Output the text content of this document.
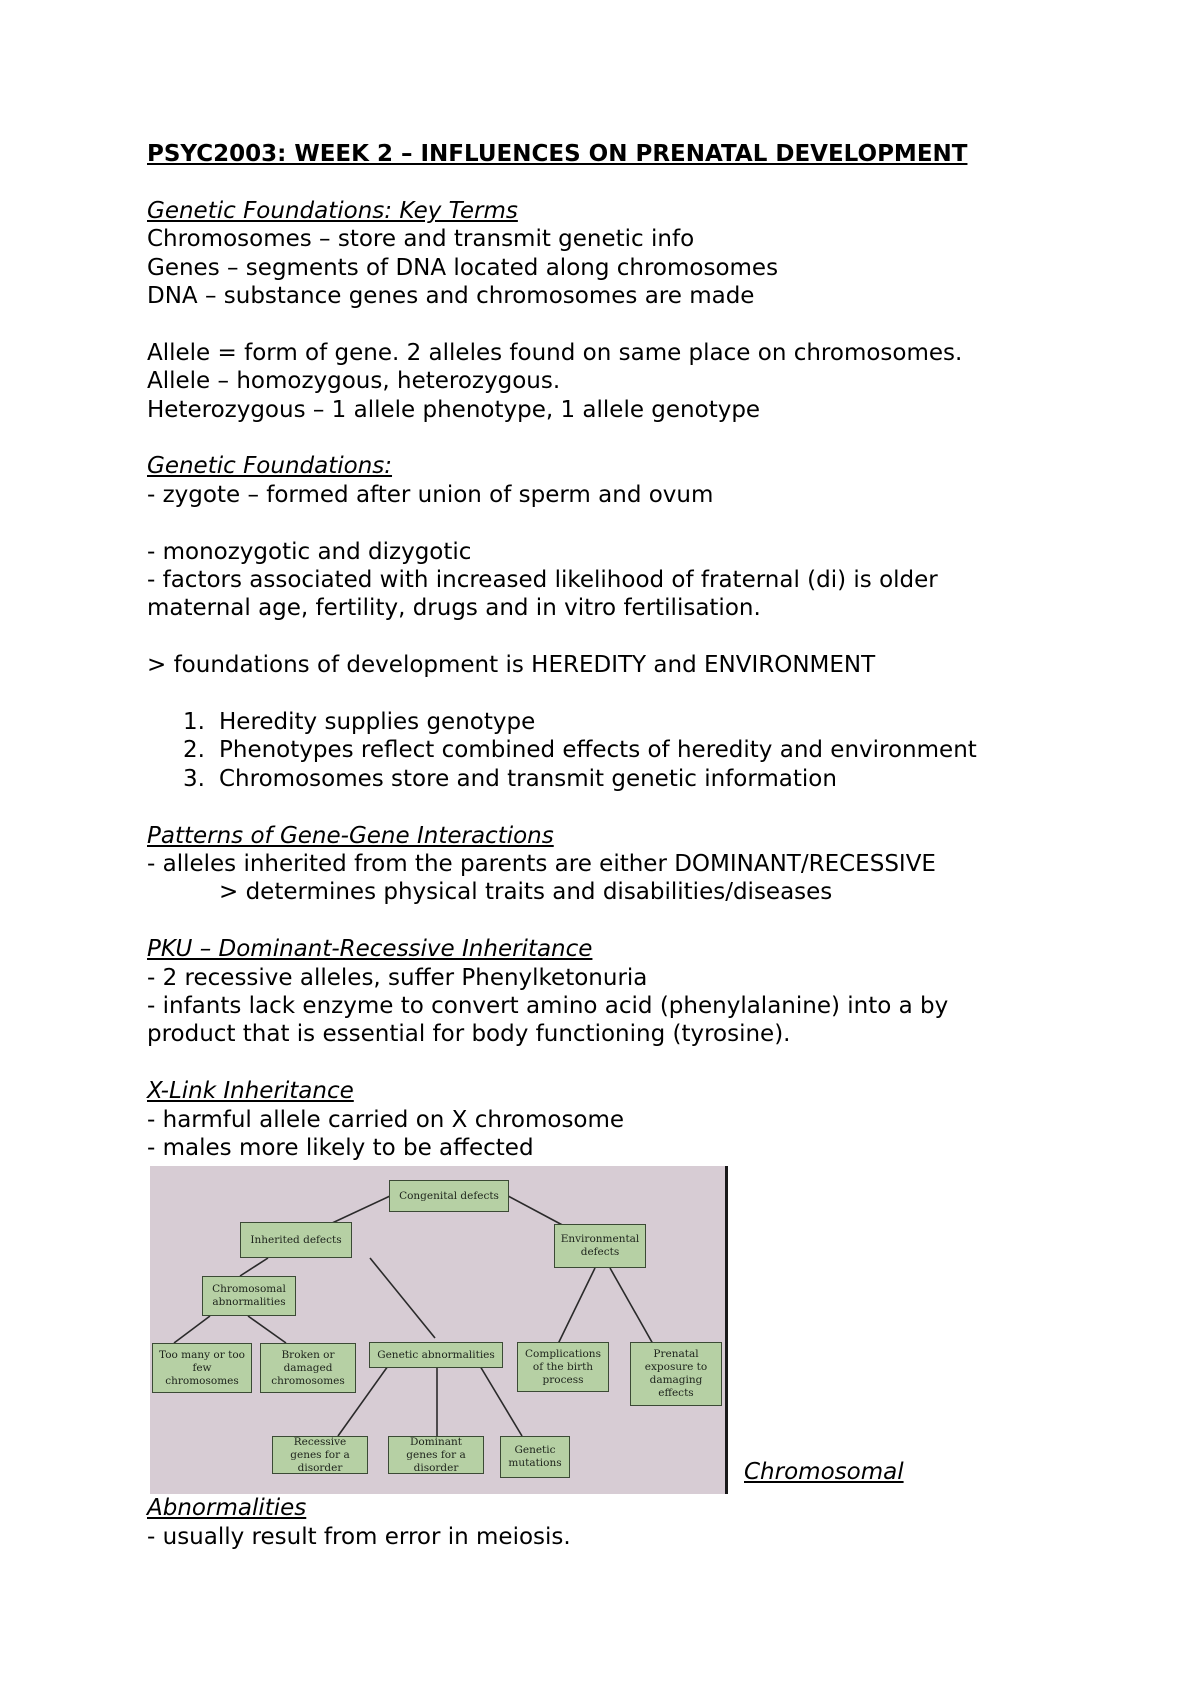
PSYC2003: WEEK 2 – INFLUENCES ON PRENATAL DEVELOPMENT

Genetic Foundations: Key Terms

Chromosomes – store and transmit genetic info

Genes – segments of DNA located along chromosomes

DNA – substance genes and chromosomes are made

Allele = form of gene. 2 alleles found on same place on chromosomes.

Allele – homozygous, heterozygous.

Heterozygous – 1 allele phenotype, 1 allele genotype

Genetic Foundations:

- zygote – formed after union of sperm and ovum

- monozygotic and dizygotic

- factors associated with increased likelihood of fraternal (di) is older

maternal age, fertility, drugs and in vitro fertilisation.

> foundations of development is HEREDITY and ENVIRONMENT

1. Heredity supplies genotype
2. Phenotypes reflect combined effects of heredity and environment
3. Chromosomes store and transmit genetic information

Patterns of Gene-Gene Interactions

- alleles inherited from the parents are either DOMINANT/RECESSIVE

> determines physical traits and disabilities/diseases

PKU – Dominant-Recessive Inheritance

- 2 recessive alleles, suffer Phenylketonuria

- infants lack enzyme to convert amino acid (phenylalanine) into a by

product that is essential for body functioning (tyrosine).

X-Link Inheritance

- harmful allele carried on X chromosome

- males more likely to be affected

Congenital defects
Inherited defects	Environmental defects
Chromosomal abnormalities
Too many or too few chromosomes
Broken or damaged chromosomes
Genetic abnormalities	Complications of the birth process
Prenatal exposure to damaging effects
Recessive genes for a disorder
Dominant genes for a disorder
Genetic mutations	Chromosomal

Abnormalities

- usually result from error in meiosis.
